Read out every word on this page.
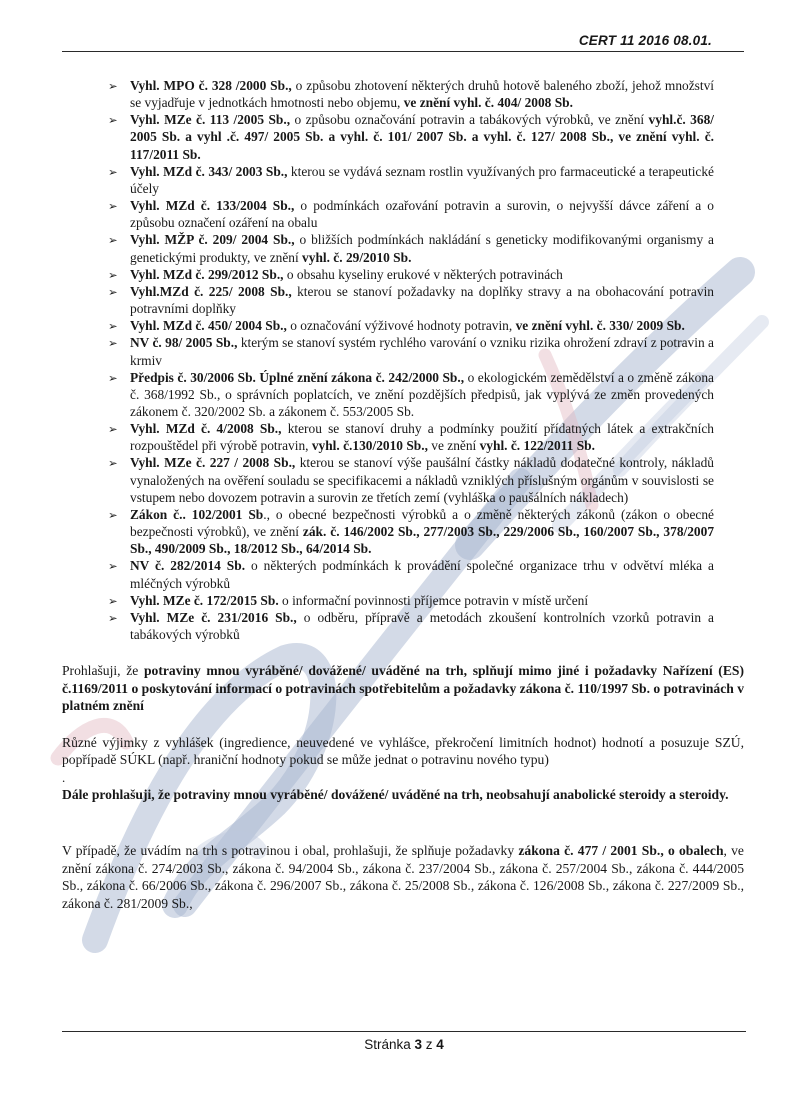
CERT 11 2016 08.01.
➢ Vyhl. MPO č. 328 /2000 Sb., o způsobu zhotovení některých druhů hotově baleného zboží, jehož množství se vyjadřuje v jednotkách hmotnosti nebo objemu, ve znění vyhl. č. 404/ 2008 Sb.
➢ Vyhl. MZe č. 113 /2005 Sb., o způsobu označování potravin a tabákových výrobků, ve znění vyhl.č. 368/ 2005 Sb. a vyhl .č. 497/ 2005 Sb. a vyhl. č. 101/ 2007 Sb. a vyhl. č. 127/ 2008 Sb., ve znění vyhl. č. 117/2011 Sb.
➢ Vyhl. MZd č. 343/ 2003 Sb., kterou se vydává seznam rostlin využívaných pro farmaceutické a terapeutické účely
➢ Vyhl. MZd č. 133/2004 Sb., o podmínkách ozařování potravin a surovin, o nejvyšší dávce záření a o způsobu označení ozáření na obalu
➢ Vyhl. MŽP č. 209/ 2004 Sb., o bližších podmínkách nakládání s geneticky modifikovanými organismy a genetickými produkty, ve znění vyhl. č. 29/2010 Sb.
➢ Vyhl. MZd č. 299/2012 Sb., o obsahu kyseliny erukové v některých potravinách
➢ Vyhl.MZd č. 225/ 2008 Sb., kterou se stanoví požadavky na doplňky stravy a na obohacování potravin potravními doplňky
➢ Vyhl. MZd č. 450/ 2004 Sb., o označování výživové hodnoty potravin, ve znění vyhl. č. 330/ 2009 Sb.
➢ NV č. 98/ 2005 Sb., kterým se stanoví systém rychlého varování o vzniku rizika ohrožení zdraví z potravin a krmiv
➢ Předpis č. 30/2006 Sb. Úplné znění zákona č. 242/2000 Sb., o ekologickém zemědělství a o změně zákona č. 368/1992 Sb., o správních poplatcích, ve znění pozdějších předpisů, jak vyplývá ze změn provedených zákonem č. 320/2002 Sb. a zákonem č. 553/2005 Sb.
➢ Vyhl. MZd č. 4/2008 Sb., kterou se stanoví druhy a podmínky použití přídatných látek a extrakčních rozpouštědel při výrobě potravin, vyhl. č.130/2010 Sb., ve znění vyhl. č. 122/2011 Sb.
➢ Vyhl. MZe č. 227 / 2008 Sb., kterou se stanoví výše paušální částky nákladů dodatečné kontroly, nákladů vynaložených na ověření souladu se specifikacemi a nákladů vzniklých příslušným orgánům v souvislosti se vstupem nebo dovozem potravin a surovin ze třetích zemí (vyhláška o paušálních nákladech)
➢ Zákon č.. 102/2001 Sb., o obecné bezpečnosti výrobků a o změně některých zákonů (zákon o obecné bezpečnosti výrobků), ve znění zák. č. 146/2002 Sb., 277/2003 Sb., 229/2006 Sb., 160/2007 Sb., 378/2007 Sb., 490/2009 Sb., 18/2012 Sb., 64/2014 Sb.
➢ NV č. 282/2014 Sb. o některých podmínkách k provádění společné organizace trhu v odvětví mléka a mléčných výrobků
➢ Vyhl. MZe č. 172/2015 Sb. o informační povinnosti příjemce potravin v místě určení
➢ Vyhl. MZe č. 231/2016 Sb., o odběru, přípravě a metodách zkoušení kontrolních vzorků potravin a tabákových výrobků
Prohlašuji, že potraviny mnou vyráběné/ dovážené/ uváděné na trh, splňují mimo jiné i požadavky Nařízení (ES) č.1169/2011 o poskytování informací o potravinách spotřebitelům a požadavky zákona č. 110/1997 Sb. o potravinách v platném znění
Různé výjimky z vyhlášek (ingredience, neuvedené ve vyhlášce, překročení limitních hodnot) hodnotí a posuzuje SZÚ, popřípadě SÚKL (např. hraniční hodnoty pokud se může jednat o potravinu nového typu)
.
Dále prohlašuji, že potraviny mnou vyráběné/ dovážené/ uváděné na trh, neobsahují anabolické steroidy a steroidy.
V případě, že uvádím na trh s potravinou i obal, prohlašuji, že splňuje požadavky zákona č. 477 / 2001 Sb., o obalech, ve znění zákona č. 274/2003 Sb., zákona č. 94/2004 Sb., zákona č. 237/2004 Sb., zákona č. 257/2004 Sb., zákona č. 444/2005 Sb., zákona č. 66/2006 Sb., zákona č. 296/2007 Sb., zákona č. 25/2008 Sb., zákona č. 126/2008 Sb., zákona č. 227/2009 Sb., zákona č. 281/2009 Sb.,
Stránka 3 z 4
